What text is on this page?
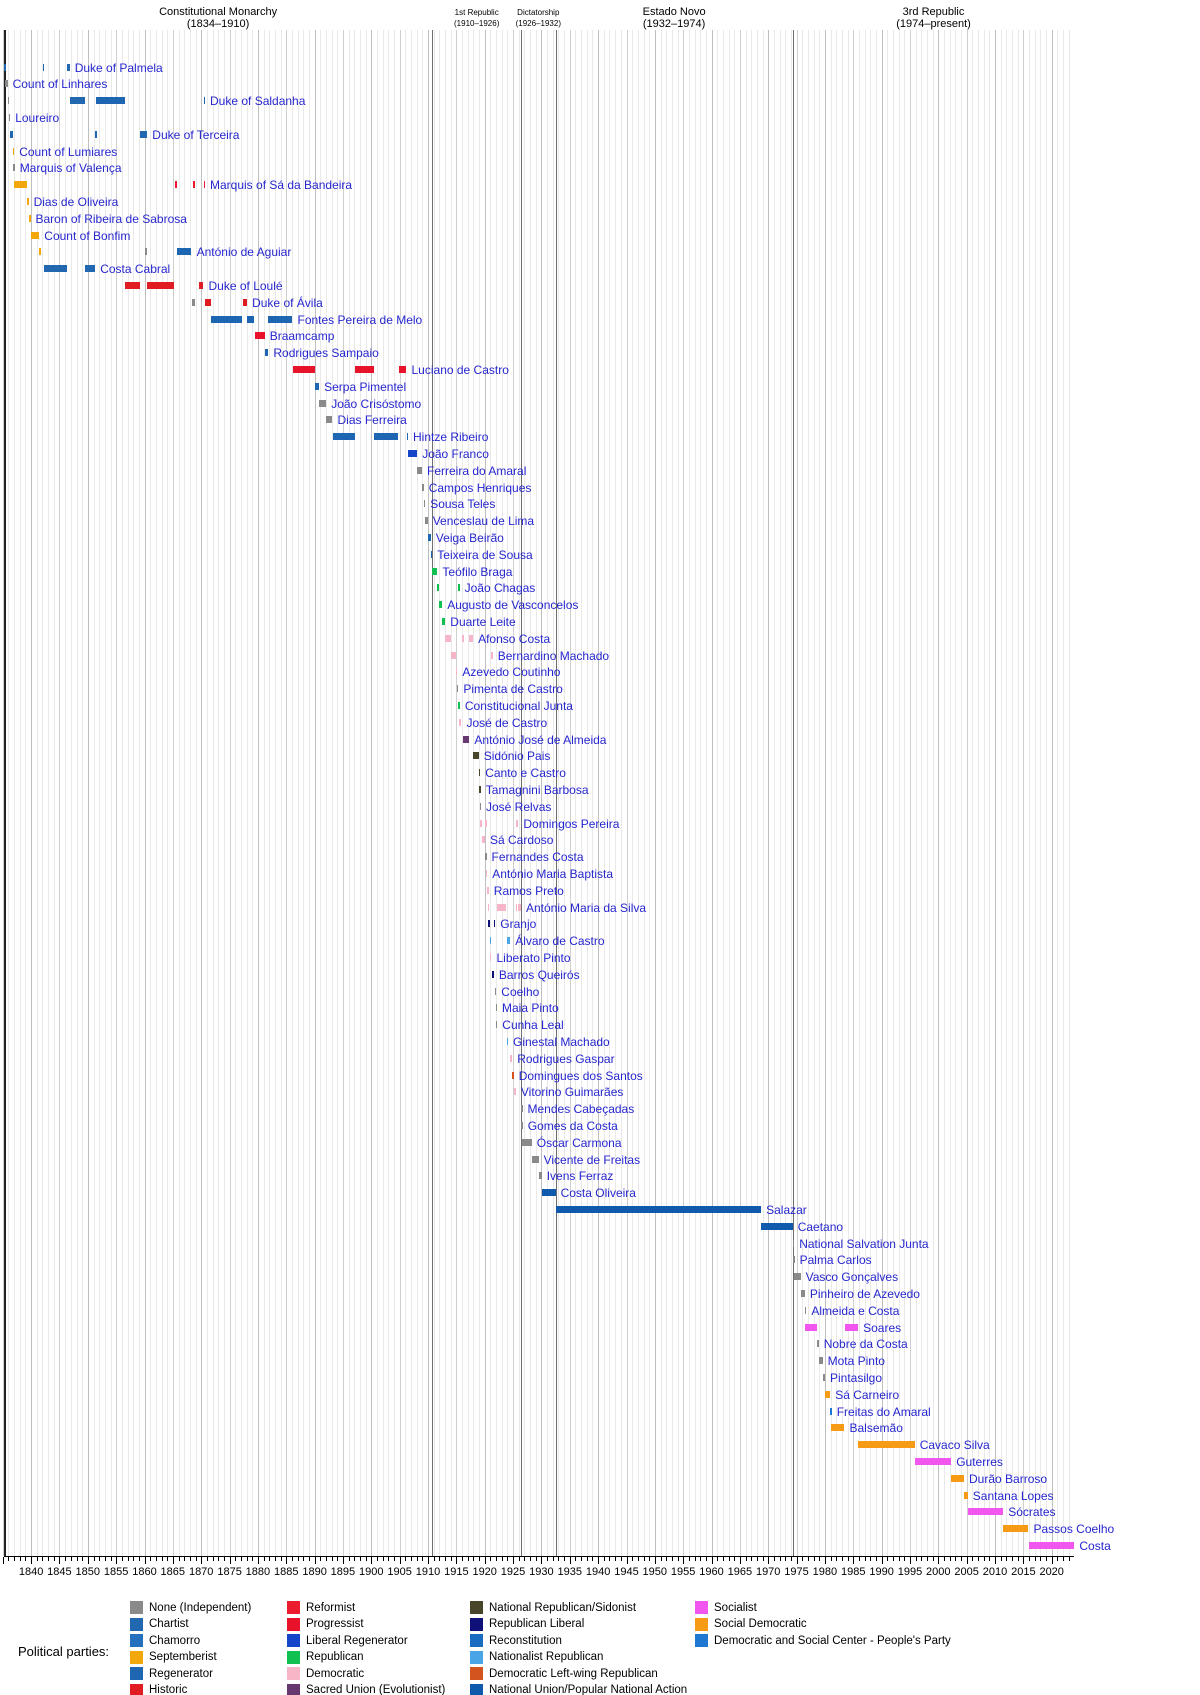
Constitutional Monarchy
(1834–1910)
1st Republic
(1910–1926)
Dictatorship
(1926–1932)
Estado Novo
(1932–1974)
3rd Republic
(1974–present)
Duke of Palmela
Count of Linhares
Duke of Saldanha
Loureiro
Duke of Terceira
Count of Lumiares
Marquis of Valença
Marquis of Sá da Bandeira
Dias de Oliveira
Baron of Ribeira de Sabrosa
Count of Bonfim
António de Aguiar
Costa Cabral
Duke of Loulé
Duke of Ávila
Fontes Pereira de Melo
Braamcamp
Rodrigues Sampaio
Luciano de Castro
Serpa Pimentel
João Crisóstomo
Dias Ferreira
Hintze Ribeiro
João Franco
Ferreira do Amaral
Campos Henriques
Sousa Teles
Venceslau de Lima
Veiga Beirão
Teixeira de Sousa
Teófilo Braga
João Chagas
Augusto de Vasconcelos
Duarte Leite
Afonso Costa
Bernardino Machado
Azevedo Coutinho
Pimenta de Castro
Constitucional Junta
José de Castro
António José de Almeida
Sidónio Pais
Canto e Castro
Tamagnini Barbosa
José Relvas
Domingos Pereira
Sá Cardoso
Fernandes Costa
António Maria Baptista
Ramos Preto
António Maria da Silva
Granjo
Álvaro de Castro
Liberato Pinto
Barros Queirós
Coelho
Maia Pinto
Cunha Leal
Ginestal Machado
Rodrigues Gaspar
Domingues dos Santos
Vitorino Guimarães
Mendes Cabeçadas
Gomes da Costa
Óscar Carmona
Vicente de Freitas
Ivens Ferraz
Costa Oliveira
Salazar
Caetano
National Salvation Junta
Palma Carlos
Vasco Gonçalves
Pinheiro de Azevedo
Almeida e Costa
Soares
Nobre da Costa
Mota Pinto
Pintasilgo
Sá Carneiro
Freitas do Amaral
Balsemão
Cavaco Silva
Guterres
Durão Barroso
Santana Lopes
Sócrates
Passos Coelho
Costa
1840 1845 1850 1855 1860 1865 1870 1875 1880 1885 1890 1895 1900 1905 1910 1915 1920 1925 1930 1935 1940 1945 1950 1955 1960 1965 1970 1975 1980 1985 1990 1995 2000 2005 2010 2015 2020
Political parties:
None (Independent)
Chartist
Chamorro
Septemberist
Regenerator
Historic
Reformist
Progressist
Liberal Regenerator
Republican
Democratic
Sacred Union (Evolutionist)
National Republican/Sidonist
Republican Liberal
Reconstitution
Nationalist Republican
Democratic Left-wing Republican
National Union/Popular National Action
Socialist
Social Democratic
Democratic and Social Center - People's Party
